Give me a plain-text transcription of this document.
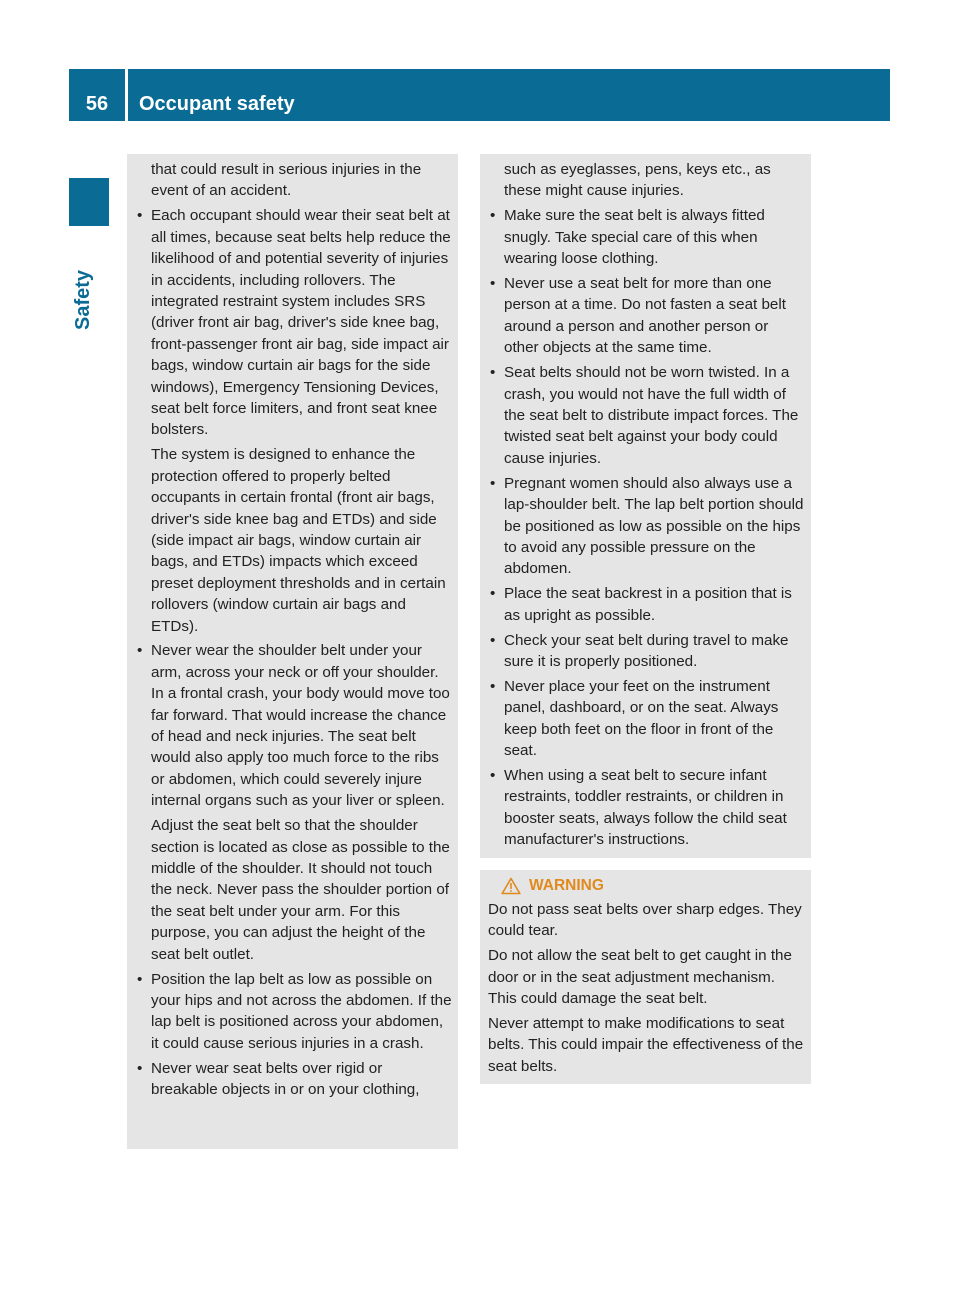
56	Occupant safety
Safety

that could result in serious injuries in the event of an accident.

• Each occupant should wear their seat belt at all times, because seat belts help reduce the likelihood of and potential severity of injuries in accidents, including rollovers. The integrated restraint system includes SRS (driver front air bag, driver's side knee bag, front-passenger front air bag, side impact air bags, window curtain air bags for the side windows), Emergency Tensioning Devices, seat belt force limiters, and front seat knee bolsters.

The system is designed to enhance the protection offered to properly belted occupants in certain frontal (front air bags, driver's side knee bag and ETDs) and side (side impact air bags, window curtain air bags, and ETDs) impacts which exceed preset deployment thresholds and in certain rollovers (window curtain air bags and ETDs).

• Never wear the shoulder belt under your arm, across your neck or off your shoulder. In a frontal crash, your body would move too far forward. That would increase the chance of head and neck injuries. The seat belt would also apply too much force to the ribs or abdomen, which could severely injure internal organs such as your liver or spleen.

Adjust the seat belt so that the shoulder section is located as close as possible to the middle of the shoulder. It should not touch the neck. Never pass the shoulder portion of the seat belt under your arm. For this purpose, you can adjust the height of the seat belt outlet.

• Position the lap belt as low as possible on your hips and not across the abdomen. If the lap belt is positioned across your abdomen, it could cause serious injuries in a crash.
• Never wear seat belts over rigid or breakable objects in or on your clothing,

such as eyeglasses, pens, keys etc., as these might cause injuries.

• Make sure the seat belt is always fitted snugly. Take special care of this when wearing loose clothing.
• Never use a seat belt for more than one person at a time. Do not fasten a seat belt around a person and another person or other objects at the same time.
• Seat belts should not be worn twisted. In a crash, you would not have the full width of the seat belt to distribute impact forces. The twisted seat belt against your body could cause injuries.
• Pregnant women should also always use a lap-shoulder belt. The lap belt portion should be positioned as low as possible on the hips to avoid any possible pressure on the abdomen.
• Place the seat backrest in a position that is as upright as possible.
• Check your seat belt during travel to make sure it is properly positioned.
• Never place your feet on the instrument panel, dashboard, or on the seat. Always keep both feet on the floor in front of the seat.
• When using a seat belt to secure infant restraints, toddler restraints, or children in booster seats, always follow the child seat manufacturer's instructions.
WARNING

Do not pass seat belts over sharp edges. They could tear.

Do not allow the seat belt to get caught in the door or in the seat adjustment mechanism. This could damage the seat belt.

Never attempt to make modifications to seat belts. This could impair the effectiveness of the seat belts.
